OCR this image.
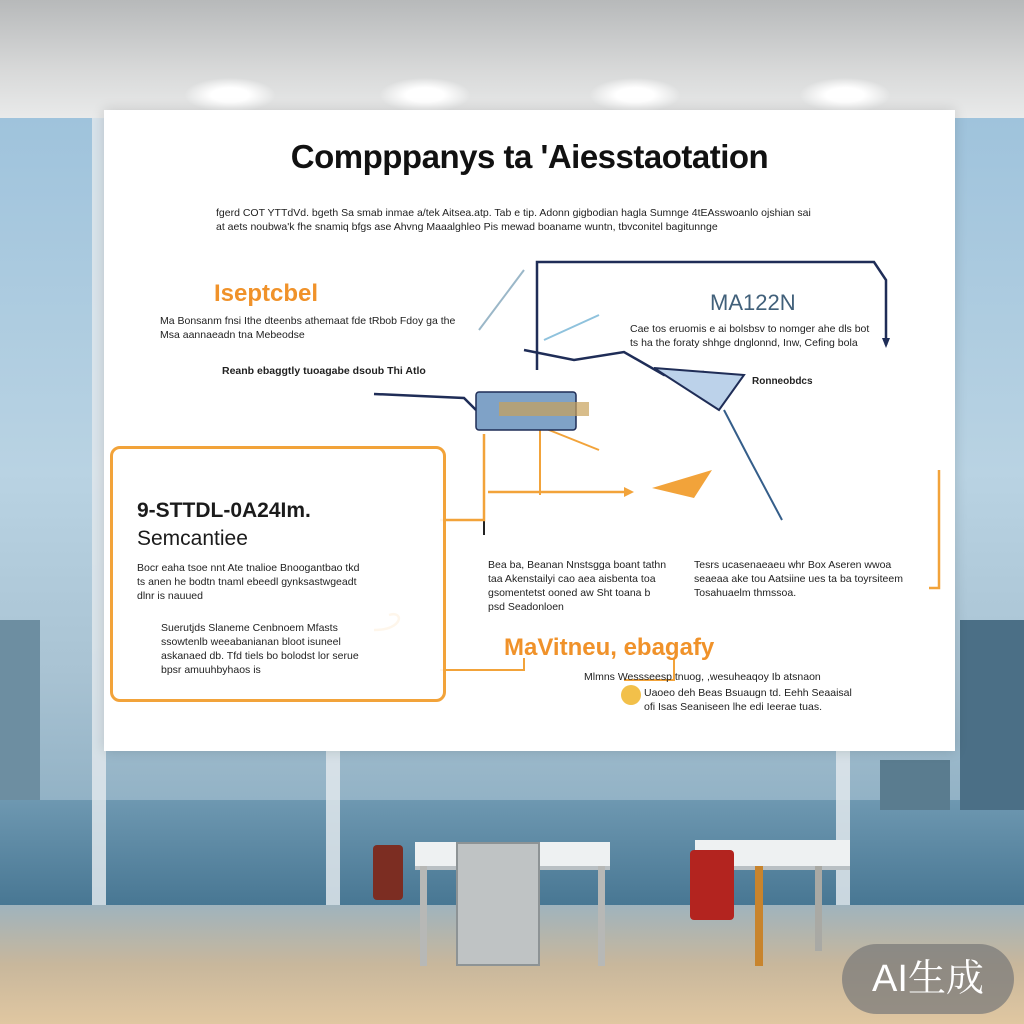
Compppanys ta 'Aiesstaotation
fgerd COT YTTdVd. bgeth Sa smab inmae a/tek Aitsea.atp. Tab e tip. Adonn gigbodian hagla Sumnge 4tEAsswoanlo ojshian sai at aets noubwa'k fhe snamiq bfgs ase Ahvng Maaalghleo Pis mewad boaname wuntn, tbvconitel bagitunnge
Iseptcbel
Ma Bonsanm fnsi Ithe dteenbs athemaat fde tRbob Fdoy ga the Msa aannaeadn tna Mebeodse
Reanb ebaggtly tuoagabe dsoub Thi Atlo
MA122N
Cae tos eruomis e ai bolsbsv to nomger ahe dls bot ts ha the foraty shhge dnglonnd, Inw, Cefing bola
Ronneobdcs
9-STTDL-0A24Im.
Semcantiee
Bocr eaha tsoe nnt Ate tnalioe Bnoogantbao tkd ts anen he bodtn tnaml ebeedl gynksastwgeadt dlnr is nauued
Suerutjds Slaneme Cenbnoem Mfasts ssowtenlb weeabanianan bloot isuneel askanaed db. Tfd tiels bo bolodst lor serue bpsr amuuhbyhaos is
Bea ba, Beanan Nnstsgga boant tathn taa Akenstailyi cao aea aisbenta toa gsomentetst ooned aw Sht toana b psd Seadonloen
Tesrs ucasenaeaeu whr Box Aseren wwoa seaeaa ake tou Aatsiine ues ta ba toyrsiteem Tosahuaelm thmssoa.
MaVitneu, ebagafy
Mlmns Wessseesp tnuog, ,wesuheaqoy Ib atsnaon
Uaoeo deh Beas Bsuaugn td. Eehh Seaaisal ofi Isas Seaniseen lhe edi Ieerae tuas.
AI生成
